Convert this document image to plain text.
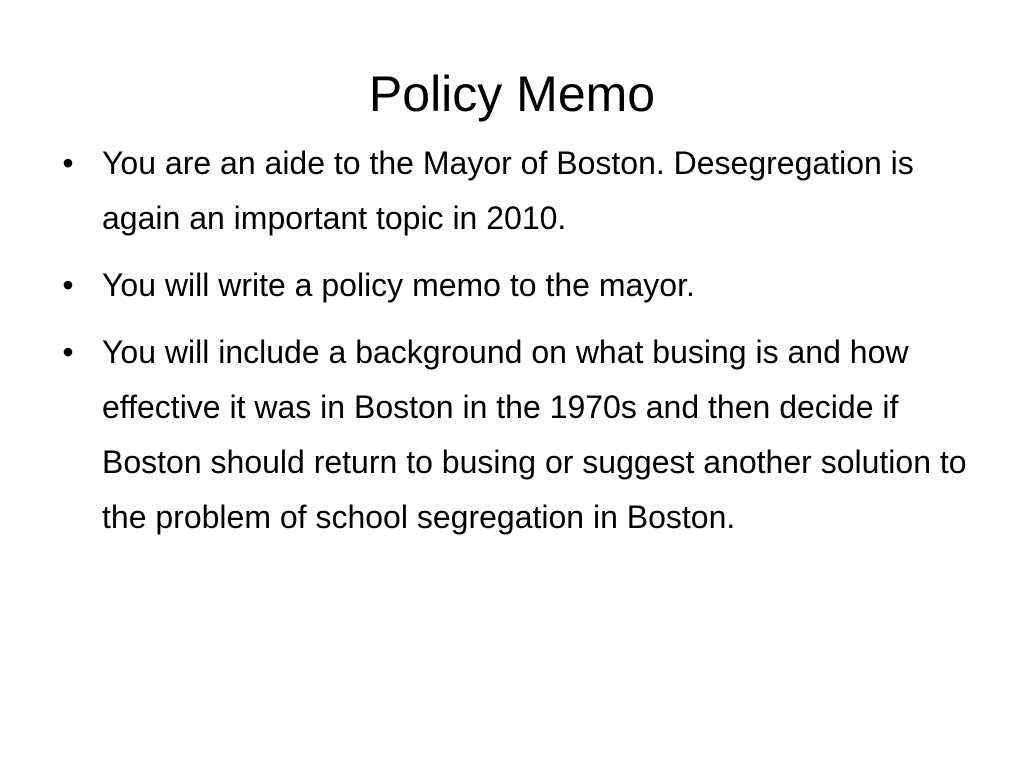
Policy Memo
• You are an aide to the Mayor of Boston. Desegregation is again an important topic in 2010.
• You will write a policy memo to the mayor.
• You will include a background on what busing is and how effective it was in Boston in the 1970s and then decide if Boston should return to busing or suggest another solution to the problem of school segregation in Boston.
